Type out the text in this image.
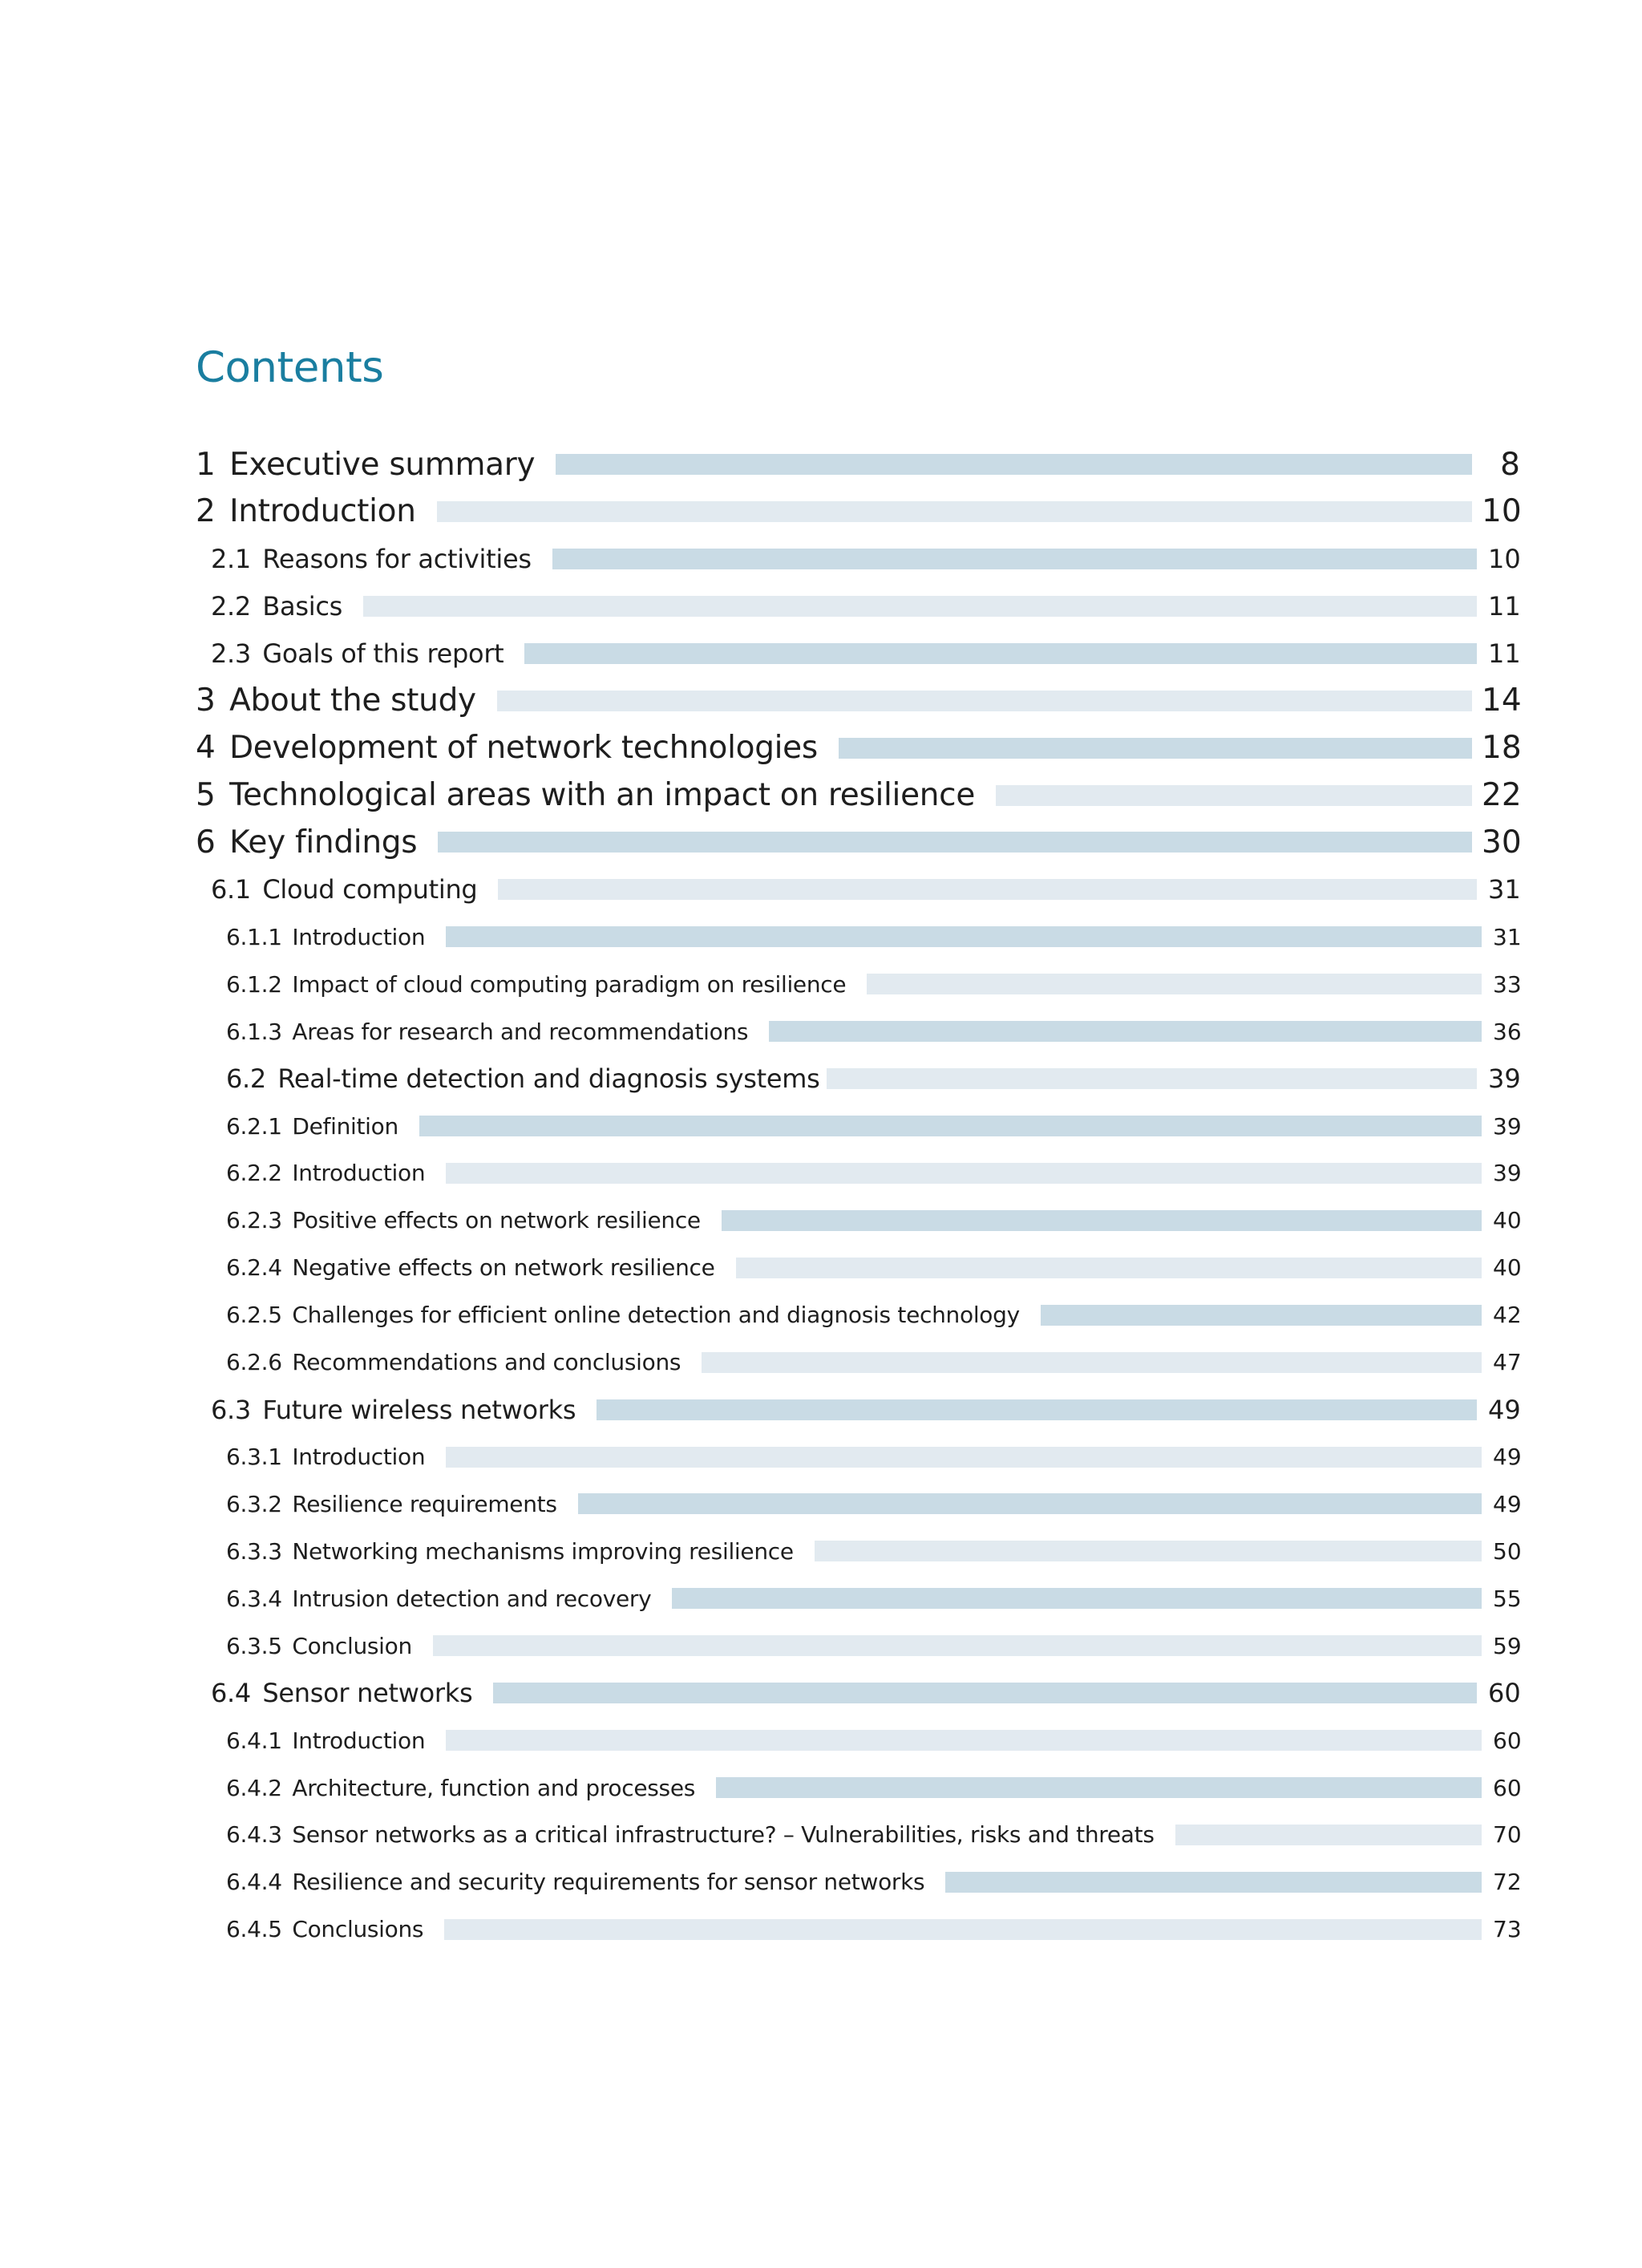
Contents
1 Executive summary	8
2 Introduction	10
2.1 Reasons for activities	10
2.2 Basics	11
2.3 Goals of this report	11
3 About the study	14
4 Development of network technologies	18
5 Technological areas with an impact on resilience	22
6 Key findings	30
6.1 Cloud computing	31
6.1.1 Introduction	31
6.1.2 Impact of cloud computing paradigm on resilience	33
6.1.3 Areas for research and recommendations	36
6.2 Real-time detection and diagnosis systems	39
6.2.1 Definition	39
6.2.2 Introduction	39
6.2.3 Positive effects on network resilience	40
6.2.4 Negative effects on network resilience	40
6.2.5 Challenges for efficient online detection and diagnosis technology	42
6.2.6 Recommendations and conclusions	47
6.3 Future wireless networks	49
6.3.1 Introduction	49
6.3.2 Resilience requirements	49
6.3.3 Networking mechanisms improving resilience	50
6.3.4 Intrusion detection and recovery	55
6.3.5 Conclusion	59
6.4 Sensor networks	60
6.4.1 Introduction	60
6.4.2 Architecture, function and processes	60
6.4.3 Sensor networks as a critical infrastructure? – Vulnerabilities, risks and threats	70
6.4.4 Resilience and security requirements for sensor networks	72
6.4.5 Conclusions	73
